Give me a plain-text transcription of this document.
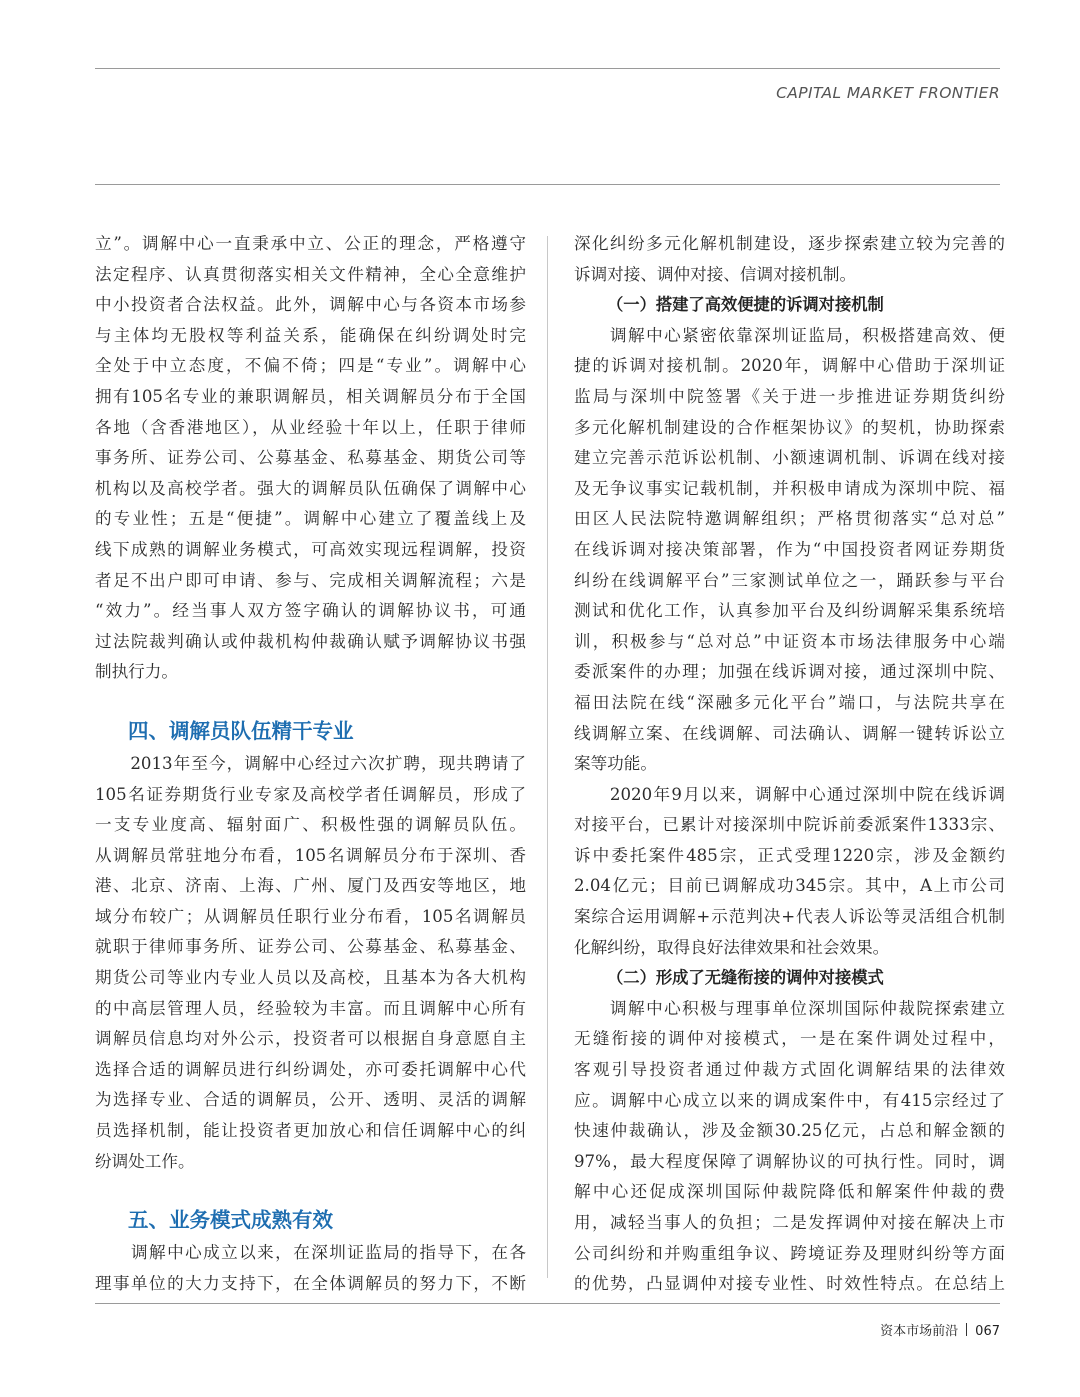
CAPITAL MARKET FRONTIER
立”。调解中心一直秉承中立、公正的理念，严格遵守
法定程序、认真贯彻落实相关文件精神，全心全意维护
中小投资者合法权益。此外，调解中心与各资本市场参
与主体均无股权等利益关系，能确保在纠纷调处时完
全处于中立态度，不偏不倚；四是“专业”。调解中心
拥有105名专业的兼职调解员，相关调解员分布于全国
各地（含香港地区），从业经验十年以上，任职于律师
事务所、证券公司、公募基金、私募基金、期货公司等
机构以及高校学者。强大的调解员队伍确保了调解中心
的专业性；五是“便捷”。调解中心建立了覆盖线上及
线下成熟的调解业务模式，可高效实现远程调解，投资
者足不出户即可申请、参与、完成相关调解流程；六是
“效力”。经当事人双方签字确认的调解协议书，可通
过法院裁判确认或仲裁机构仲裁确认赋予调解协议书强
制执行力。
四、调解员队伍精干专业
　　2013年至今，调解中心经过六次扩聘，现共聘请了
105名证券期货行业专家及高校学者任调解员，形成了
一支专业度高、辐射面广、积极性强的调解员队伍。
从调解员常驻地分布看，105名调解员分布于深圳、香
港、北京、济南、上海、广州、厦门及西安等地区，地
域分布较广；从调解员任职行业分布看，105名调解员
就职于律师事务所、证券公司、公募基金、私募基金、
期货公司等业内专业人员以及高校，且基本为各大机构
的中高层管理人员，经验较为丰富。而且调解中心所有
调解员信息均对外公示，投资者可以根据自身意愿自主
选择合适的调解员进行纠纷调处，亦可委托调解中心代
为选择专业、合适的调解员，公开、透明、灵活的调解
员选择机制，能让投资者更加放心和信任调解中心的纠
纷调处工作。
五、业务模式成熟有效
　　调解中心成立以来，在深圳证监局的指导下，在各
理事单位的大力支持下，在全体调解员的努力下，不断
深化纠纷多元化解机制建设，逐步探索建立较为完善的
诉调对接、调仲对接、信调对接机制。
（一）搭建了高效便捷的诉调对接机制
　　调解中心紧密依靠深圳证监局，积极搭建高效、便
捷的诉调对接机制。2020年，调解中心借助于深圳证
监局与深圳中院签署《关于进一步推进证券期货纠纷
多元化解机制建设的合作框架协议》的契机，协助探索
建立完善示范诉讼机制、小额速调机制、诉调在线对接
及无争议事实记载机制，并积极申请成为深圳中院、福
田区人民法院特邀调解组织；严格贯彻落实“总对总”
在线诉调对接决策部署，作为“中国投资者网证券期货
纠纷在线调解平台”三家测试单位之一，踊跃参与平台
测试和优化工作，认真参加平台及纠纷调解采集系统培
训，积极参与“总对总”中证资本市场法律服务中心端
委派案件的办理；加强在线诉调对接，通过深圳中院、
福田法院在线“深融多元化平台”端口，与法院共享在
线调解立案、在线调解、司法确认、调解一键转诉讼立
案等功能。
　　2020年9月以来，调解中心通过深圳中院在线诉调
对接平台，已累计对接深圳中院诉前委派案件1333宗、
诉中委托案件485宗，正式受理1220宗，涉及金额约
2.04亿元；目前已调解成功345宗。其中，A上市公司
案综合运用调解+示范判决+代表人诉讼等灵活组合机制
化解纠纷，取得良好法律效果和社会效果。
（二）形成了无缝衔接的调仲对接模式
　　调解中心积极与理事单位深圳国际仲裁院探索建立
无缝衔接的调仲对接模式，一是在案件调处过程中，
客观引导投资者通过仲裁方式固化调解结果的法律效
应。调解中心成立以来的调成案件中，有415宗经过了
快速仲裁确认，涉及金额30.25亿元，占总和解金额的
97%，最大程度保障了调解协议的可执行性。同时，调
解中心还促成深圳国际仲裁院降低和解案件仲裁的费
用，减轻当事人的负担；二是发挥调仲对接在解决上市
公司纠纷和并购重组争议、跨境证券及理财纠纷等方面
的优势，凸显调仲对接专业性、时效性特点。在总结上
资本市场前沿 067
